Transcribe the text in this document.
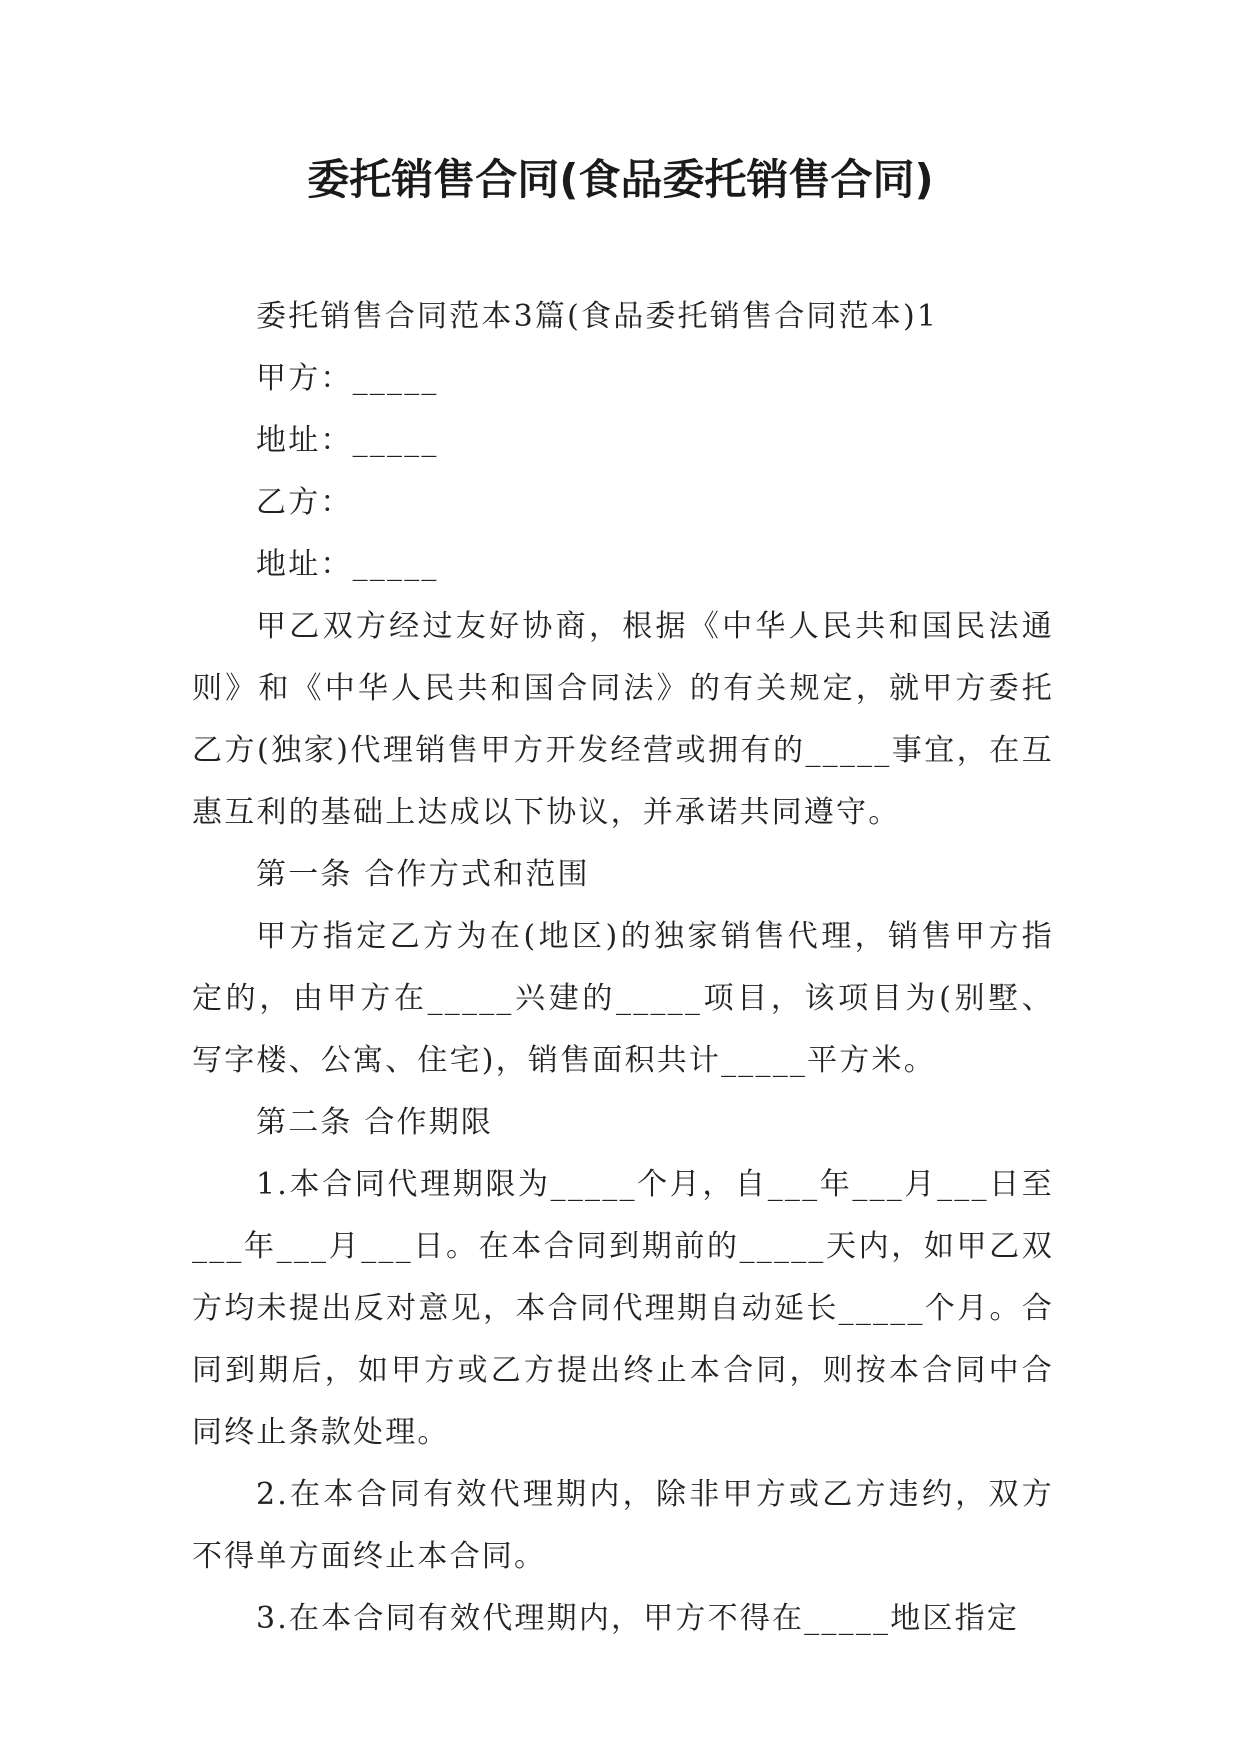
委托销售合同(食品委托销售合同)

委托销售合同范本3篇(食品委托销售合同范本)1

甲方：_____

地址：_____

乙方：

地址：_____

甲乙双方经过友好协商，根据《中华人民共和国民法通则》和《中华人民共和国合同法》的有关规定，就甲方委托乙方(独家)代理销售甲方开发经营或拥有的_____事宜，在互惠互利的基础上达成以下协议，并承诺共同遵守。

第一条 合作方式和范围

甲方指定乙方为在(地区)的独家销售代理，销售甲方指定的，由甲方在_____兴建的_____项目，该项目为(别墅、写字楼、公寓、住宅)，销售面积共计_____平方米。

第二条 合作期限

1.本合同代理期限为_____个月，自___年___月___日至___年___月___日。在本合同到期前的_____天内，如甲乙双方均未提出反对意见，本合同代理期自动延长_____个月。合同到期后，如甲方或乙方提出终止本合同，则按本合同中合同终止条款处理。

2.在本合同有效代理期内，除非甲方或乙方违约，双方不得单方面终止本合同。

3.在本合同有效代理期内，甲方不得在_____地区指定
